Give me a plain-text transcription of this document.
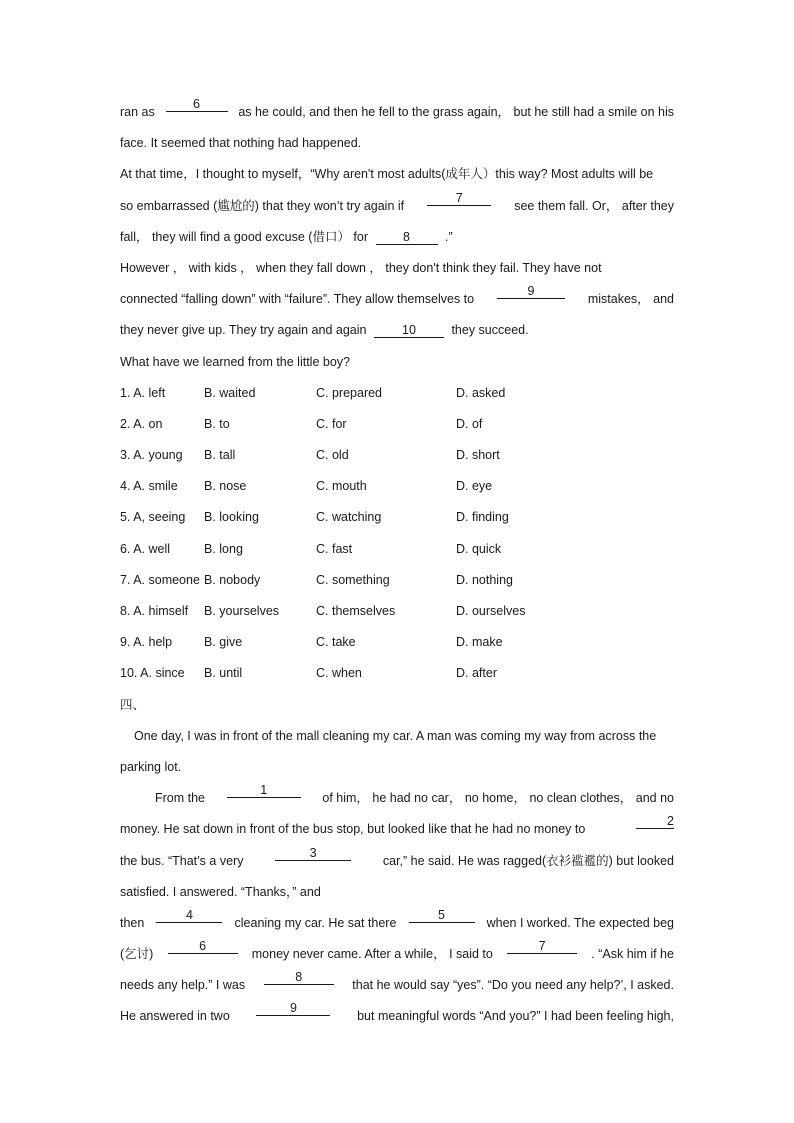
ran as
6
as he could, and then he fell to the grass again， but he still had a smile on his
face. It seemed that nothing had happened.
At that time，I thought to myself，“Why aren't most adults(成年人）this way? Most adults will be
so embarrassed (尴尬的) that they won’t try again if
7
see them fall. Or， after they
fall， they will find a good excuse (借口） for	8	.”
However ， with kids ， when they fall down ， they don't think they fail. They have not
connected “falling down” with “failure”. They allow themselves to
9
mistakes， and
they never give up. They try again and again	10	they succeed.
What have we learned from the little boy?
1. A. left	B. waited	C. prepared	D. asked
2. A. on	B. to	C. for	D. of
3. A. young	B. tall	C. old	D. short
4. A. smile	B. nose	C. mouth	D. eye
5. A, seeing	B. looking	C. watching	D. finding
6. A. well	B. long	C. fast	D. quick
7. A. someone B. nobody	C. something	D. nothing
8. A. himself	B. yourselves	C. themselves	D. ourselves
9. A. help	B. give	C. take	D. make
10. A. since	B. until	C. when	D. after
四、
One day, I was in front of the mall cleaning my car. A man was coming my way from across the
parking lot.
From the
1
of him， he had no car， no home， no clean clothes， and no
money. He sat down in front of the bus stop, but looked like that he had no money to
2
the bus. “That’s a very
3
car,” he said. He was ragged(衣衫褴襤的) but looked
satisfied. I answered. “Thanks，” and
then
4
cleaning my car. He sat there
5
when I worked. The expected beg
(乞讨)
6
money never came. After a while， I said to
7
. “Ask him if he
needs any help.” I was
8
that he would say “yes”. “Do you need any help?’, I asked.
He answered in two
9
but meaningful words “And you?” I had been feeling high,
